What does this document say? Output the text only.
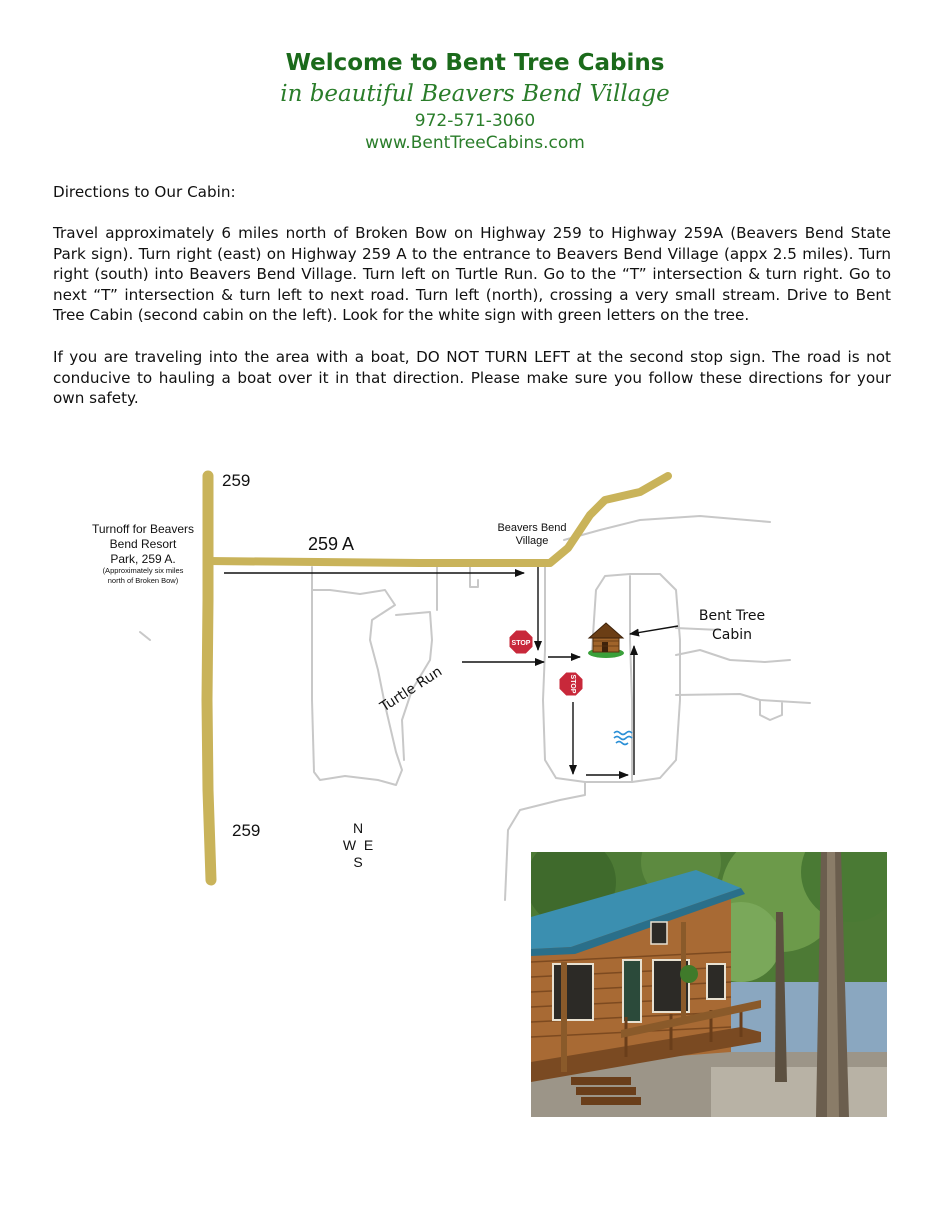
Welcome to Bent Tree Cabins
in beautiful Beavers Bend Village
972-571-3060
www.BentTreeCabins.com
Directions to Our Cabin:
Travel approximately 6 miles north of Broken Bow on Highway 259 to Highway 259A (Beavers Bend State Park sign). Turn right (east) on Highway 259 A to the entrance to Beavers Bend Village (appx 2.5 miles). Turn right (south) into Beavers Bend Village. Turn left on Turtle Run. Go to the “T” intersection & turn right. Go to next “T” intersection & turn left to next road. Turn left (north), crossing a very small stream. Drive to Bent Tree Cabin (second cabin on the left). Look for the white sign with green letters on the tree.
If you are traveling into the area with a boat, DO NOT TURN LEFT at the second stop sign. The road is not conducive to hauling a boat over it in that direction. Please make sure you follow these directions for your own safety.
259
259
259 A
Turnoff for Beavers
Bend Resort
Park, 259 A.
(Approximately six miles
north of Broken Bow)
Beavers Bend
Village
STOP
STOP
Bent Tree
Cabin
Turtle Run
N
W  E
S
